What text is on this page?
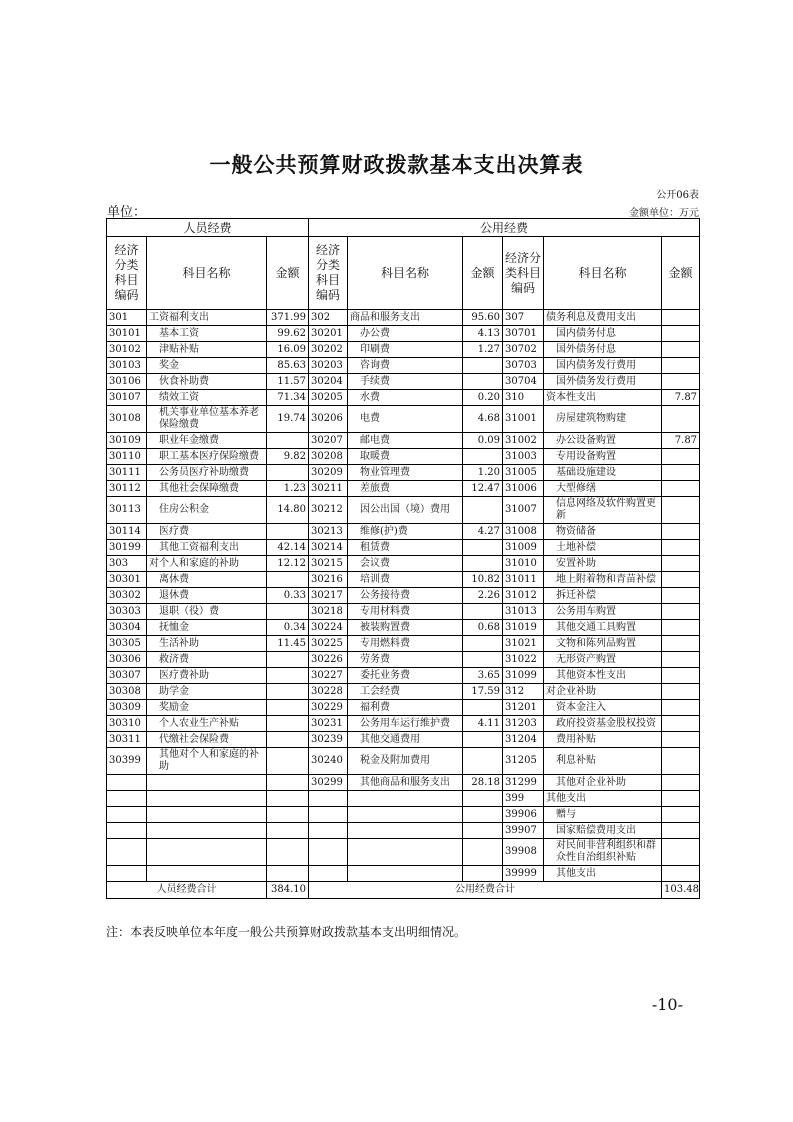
一般公共预算财政拨款基本支出决算表
公开06表
单位：	金额单位：万元
人员经费			公用经费					
经济分类科目编码	科目名称	金额	经济分类科目编码	科目名称	金额	经济分类科目编码	科目名称	金额
301	工资福利支出	371.99	302	商品和服务支出	95.60	307	债务利息及费用支出	
30101	基本工资	99.62	30201	办公费	4.13	30701	国内债务付息	
30102	津贴补贴	16.09	30202	印刷费	1.27	30702	国外债务付息	
30103	奖金	85.63	30203	咨询费		30703	国内债务发行费用	
30106	伙食补助费	11.57	30204	手续费		30704	国外债务发行费用	
30107	绩效工资	71.34	30205	水费	0.20	310	资本性支出	7.87
30108	机关事业单位基本养老保险缴费	19.74	30206	电费	4.68	31001	房屋建筑物购建	
30109	职业年金缴费		30207	邮电费	0.09	31002	办公设备购置	7.87
30110	职工基本医疗保险缴费	9.82	30208	取暖费		31003	专用设备购置	
30111	公务员医疗补助缴费		30209	物业管理费	1.20	31005	基础设施建设	
30112	其他社会保障缴费	1.23	30211	差旅费	12.47	31006	大型修缮	
30113	住房公积金	14.80	30212	因公出国（境）费用		31007	信息网络及软件购置更新	
30114	医疗费		30213	维修(护)费	4.27	31008	物资储备	
30199	其他工资福利支出	42.14	30214	租赁费		31009	土地补偿	
303	对个人和家庭的补助	12.12	30215	会议费		31010	安置补助	
30301	离休费		30216	培训费	10.82	31011	地上附着物和青苗补偿	
30302	退休费	0.33	30217	公务接待费	2.26	31012	拆迁补偿	
30303	退职（役）费		30218	专用材料费		31013	公务用车购置	
30304	抚恤金	0.34	30224	被装购置费	0.68	31019	其他交通工具购置	
30305	生活补助	11.45	30225	专用燃料费		31021	文物和陈列品购置	
30306	救济费		30226	劳务费		31022	无形资产购置	
30307	医疗费补助		30227	委托业务费	3.65	31099	其他资本性支出	
30308	助学金		30228	工会经费	17.59	312	对企业补助	
30309	奖励金		30229	福利费		31201	资本金注入	
30310	个人农业生产补贴		30231	公务用车运行维护费	4.11	31203	政府投资基金股权投资	
30311	代缴社会保险费		30239	其他交通费用		31204	费用补贴	
30399	其他对个人和家庭的补助		30240	税金及附加费用		31205	利息补贴	
			30299	其他商品和服务支出	28.18	31299	其他对企业补助	
						399	其他支出	
						39906	赠与	
						39907	国家赔偿费用支出	
						39908	对民间非营利组织和群众性自治组织补贴	
						39999	其他支出	
人员经费合计		384.10	公用经费合计					103.48
注：本表反映单位本年度一般公共预算财政拨款基本支出明细情况。
-10-
